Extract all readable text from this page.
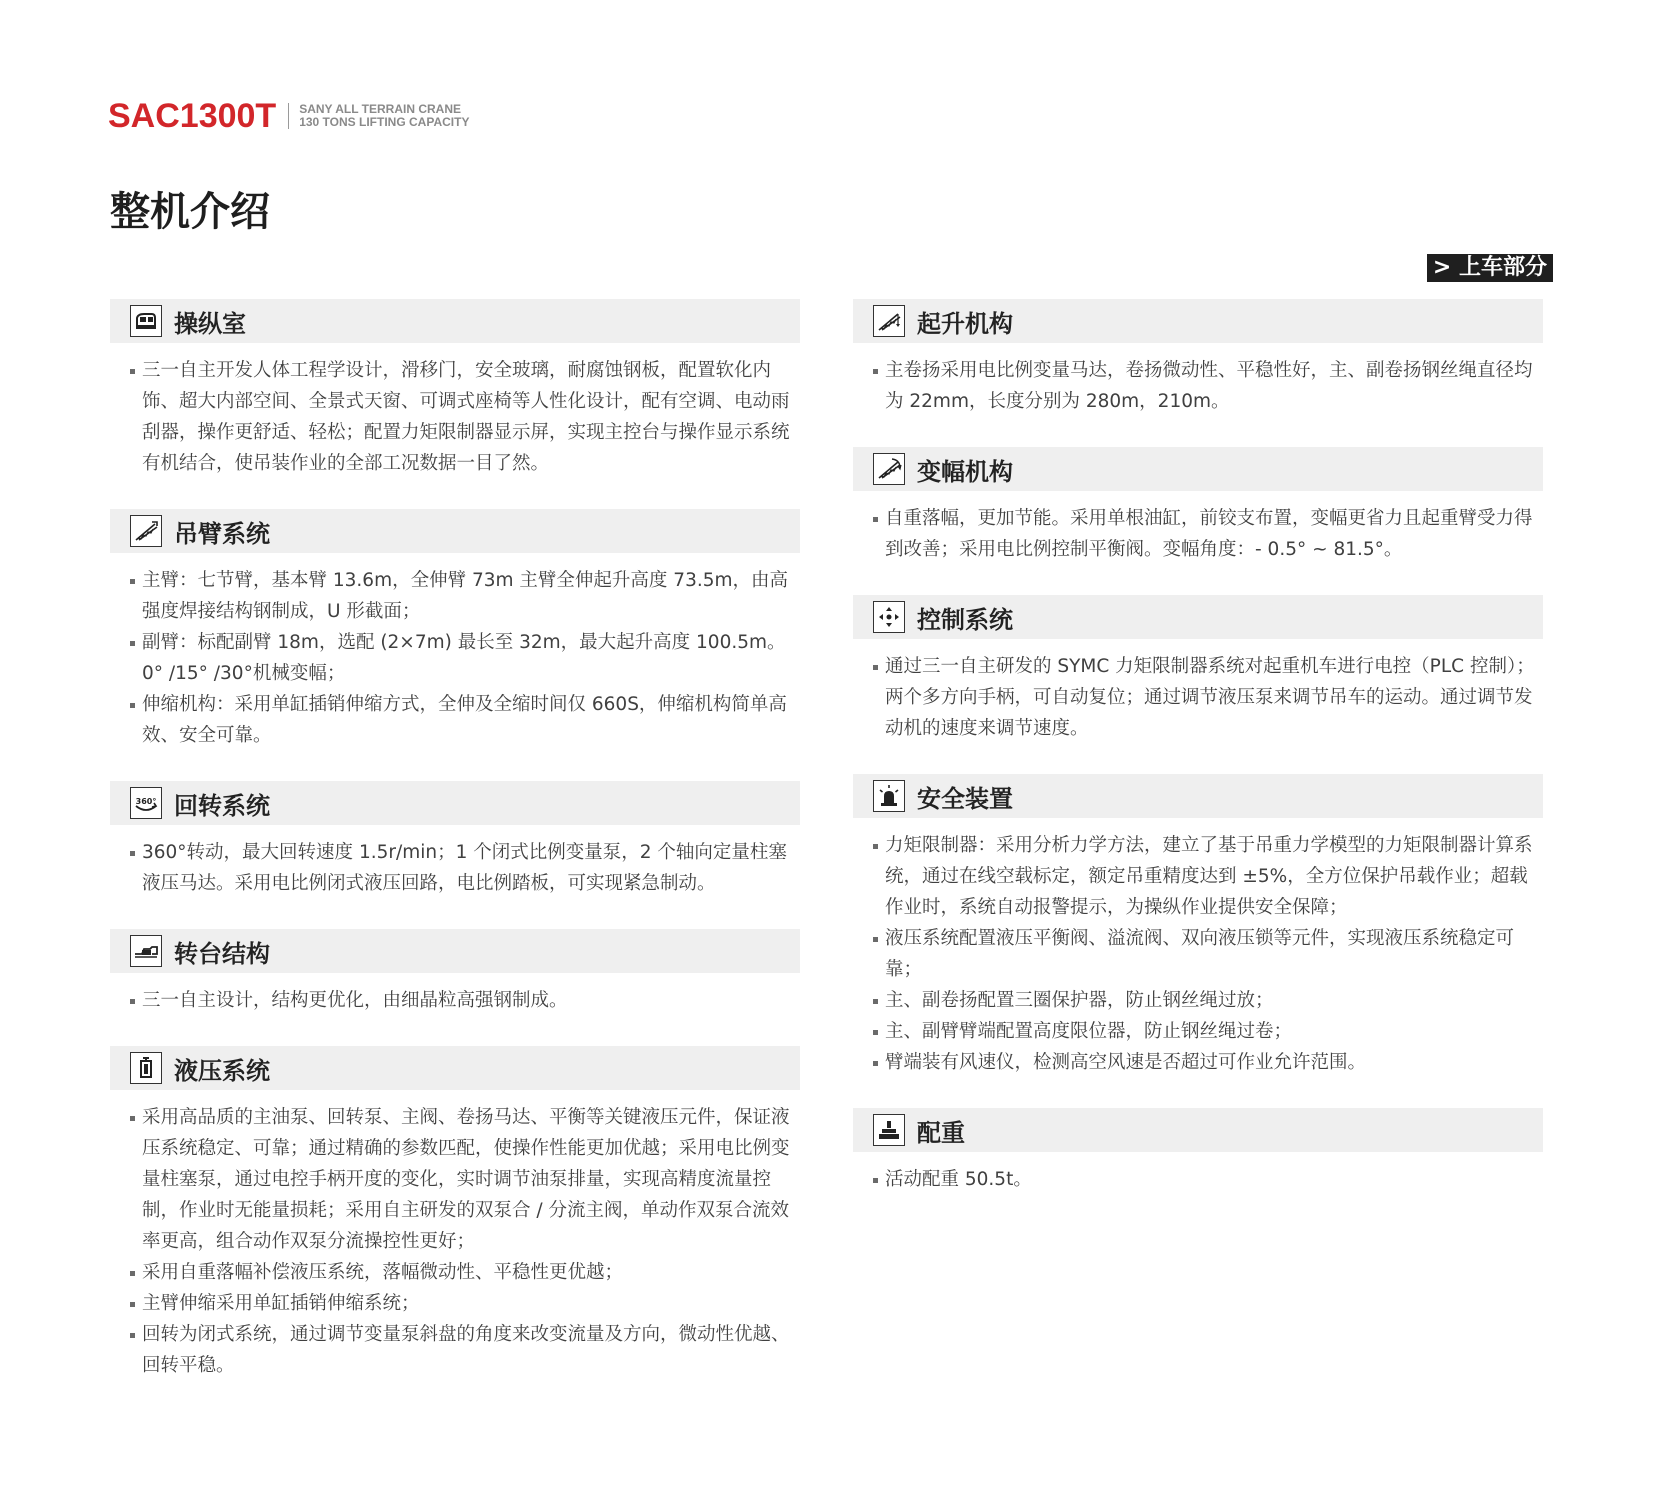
SAC1300T SANY ALL TERRAIN CRANE
130 TONS LIFTING CAPACITY
整机介绍
> 上车部分
操纵室
三一自主开发人体工程学设计，滑移门，安全玻璃，耐腐蚀钢板，配置软化内饰、超大内部空间、全景式天窗、可调式座椅等人性化设计，配有空调、电动雨刮器，操作更舒适、轻松；配置力矩限制器显示屏，实现主控台与操作显示系统有机结合，使吊装作业的全部工况数据一目了然。
吊臂系统
主臂：七节臂，基本臂 13.6m，全伸臂 73m 主臂全伸起升高度 73.5m，由高强度焊接结构钢制成，U 形截面；
副臂：标配副臂 18m，选配 (2×7m) 最长至 32m，最大起升高度 100.5m。0° /15° /30°机械变幅；
伸缩机构：采用单缸插销伸缩方式，全伸及全缩时间仅 660S，伸缩机构简单高效、安全可靠。
360° 回转系统
360°转动，最大回转速度 1.5r/min；1 个闭式比例变量泵，2 个轴向定量柱塞液压马达。采用电比例闭式液压回路，电比例踏板，可实现紧急制动。
转台结构
三一自主设计，结构更优化，由细晶粒高强钢制成。
液压系统
采用高品质的主油泵、回转泵、主阀、卷扬马达、平衡等关键液压元件，保证液压系统稳定、可靠；通过精确的参数匹配，使操作性能更加优越；采用电比例变量柱塞泵，通过电控手柄开度的变化，实时调节油泵排量，实现高精度流量控制，作业时无能量损耗；采用自主研发的双泵合 / 分流主阀，单动作双泵合流效率更高，组合动作双泵分流操控性更好；
采用自重落幅补偿液压系统，落幅微动性、平稳性更优越；
主臂伸缩采用单缸插销伸缩系统；
回转为闭式系统，通过调节变量泵斜盘的角度来改变流量及方向，微动性优越、回转平稳。
起升机构
主卷扬采用电比例变量马达，卷扬微动性、平稳性好，主、副卷扬钢丝绳直径均为 22mm，长度分别为 280m，210m。
变幅机构
自重落幅，更加节能。采用单根油缸，前铰支布置，变幅更省力且起重臂受力得到改善；采用电比例控制平衡阀。变幅角度：- 0.5° ~ 81.5°。
控制系统
通过三一自主研发的 SYMC 力矩限制器系统对起重机车进行电控（PLC 控制）；两个多方向手柄，可自动复位；通过调节液压泵来调节吊车的运动。通过调节发动机的速度来调节速度。
安全装置
力矩限制器：采用分析力学方法，建立了基于吊重力学模型的力矩限制器计算系统，通过在线空载标定，额定吊重精度达到 ±5%，全方位保护吊载作业；超载作业时，系统自动报警提示，为操纵作业提供安全保障；
液压系统配置液压平衡阀、溢流阀、双向液压锁等元件，实现液压系统稳定可靠；
主、副卷扬配置三圈保护器，防止钢丝绳过放；
主、副臂臂端配置高度限位器，防止钢丝绳过卷；
臂端装有风速仪，检测高空风速是否超过可作业允许范围。
配重
活动配重 50.5t。
